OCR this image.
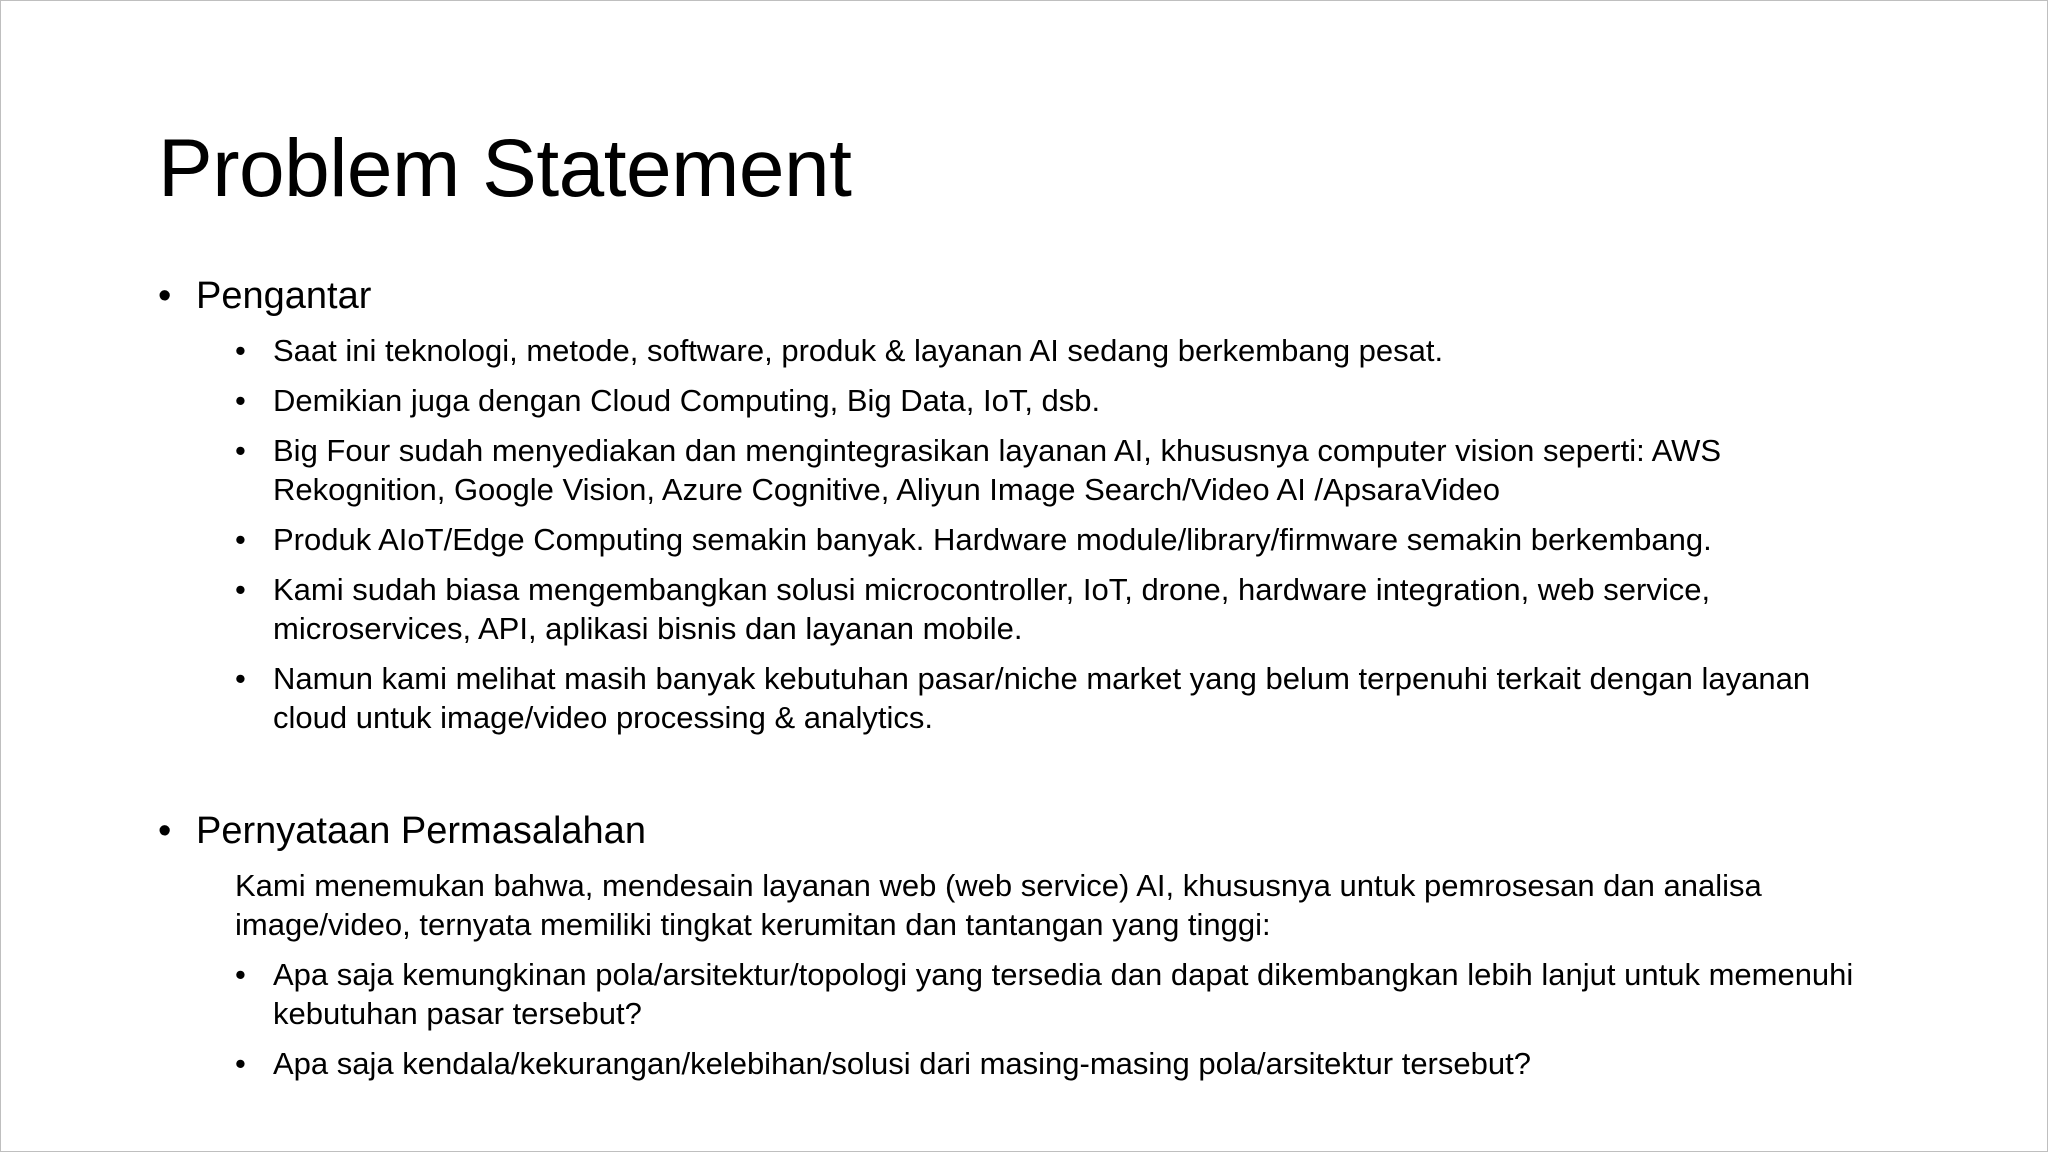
Problem Statement

• Pengantar

• Saat ini teknologi, metode, software, produk & layanan AI sedang berkembang pesat.
• Demikian juga dengan Cloud Computing, Big Data, IoT, dsb.
• Big Four sudah menyediakan dan mengintegrasikan layanan AI, khususnya computer vision seperti: AWS Rekognition, Google Vision, Azure Cognitive, Aliyun Image Search/Video AI /ApsaraVideo
• Produk AIoT/Edge Computing semakin banyak. Hardware module/library/firmware semakin berkembang.
• Kami sudah biasa mengembangkan solusi microcontroller, IoT, drone, hardware integration, web service, microservices, API, aplikasi bisnis dan layanan mobile.
• Namun kami melihat masih banyak kebutuhan pasar/niche market yang belum terpenuhi terkait dengan layanan cloud untuk image/video processing & analytics.

• Pernyataan Permasalahan

Kami menemukan bahwa, mendesain layanan web (web service) AI, khususnya untuk pemrosesan dan analisa image/video, ternyata memiliki tingkat kerumitan dan tantangan yang tinggi:
• Apa saja kemungkinan pola/arsitektur/topologi yang tersedia dan dapat dikembangkan lebih lanjut untuk memenuhi kebutuhan pasar tersebut?
• Apa saja kendala/kekurangan/kelebihan/solusi dari masing-masing pola/arsitektur tersebut?
